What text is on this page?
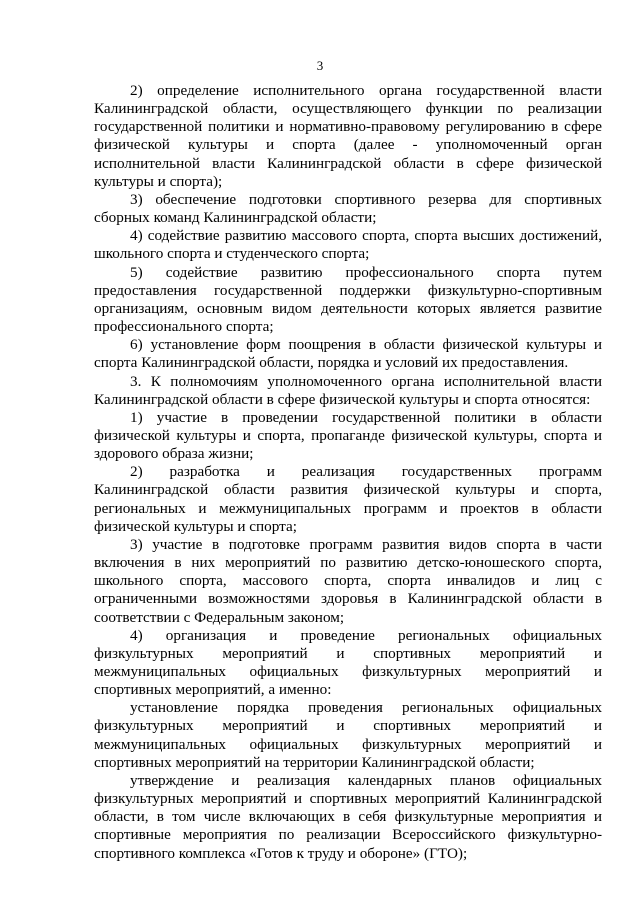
3

2) определение исполнительного органа государственной власти Калининградской области, осуществляющего функции по реализации государственной политики и нормативно-правовому регулированию в сфере физической культуры и спорта (далее - уполномоченный орган исполнительной власти Калининградской области в сфере физической культуры и спорта);

3) обеспечение подготовки спортивного резерва для спортивных сборных команд Калининградской области;

4) содействие развитию массового спорта, спорта высших достижений, школьного спорта и студенческого спорта;

5) содействие развитию профессионального спорта путем предоставления государственной поддержки физкультурно-спортивным организациям, основным видом деятельности которых является развитие профессионального спорта;

6) установление форм поощрения в области физической культуры и спорта Калининградской области, порядка и условий их предоставления.

3. К полномочиям уполномоченного органа исполнительной власти Калининградской области в сфере физической культуры и спорта относятся:

1) участие в проведении государственной политики в области физической культуры и спорта, пропаганде физической культуры, спорта и здорового образа жизни;

2) разработка и реализация государственных программ Калининградской области развития физической культуры и спорта, региональных и межмуниципальных программ и проектов в области физической культуры и спорта;

3) участие в подготовке программ развития видов спорта в части включения в них мероприятий по развитию детско-юношеского спорта, школьного спорта, массового спорта, спорта инвалидов и лиц с ограниченными возможностями здоровья в Калининградской области в соответствии с Федеральным законом;

4) организация и проведение региональных официальных физкультурных мероприятий и спортивных мероприятий и межмуниципальных официальных физкультурных мероприятий и спортивных мероприятий, а именно:

установление порядка проведения региональных официальных физкультурных мероприятий и спортивных мероприятий и межмуниципальных официальных физкультурных мероприятий и спортивных мероприятий на территории Калининградской области;

утверждение и реализация календарных планов официальных физкультурных мероприятий и спортивных мероприятий Калининградской области, в том числе включающих в себя физкультурные мероприятия и спортивные мероприятия по реализации Всероссийского физкультурно-спортивного комплекса «Готов к труду и обороне» (ГТО);
